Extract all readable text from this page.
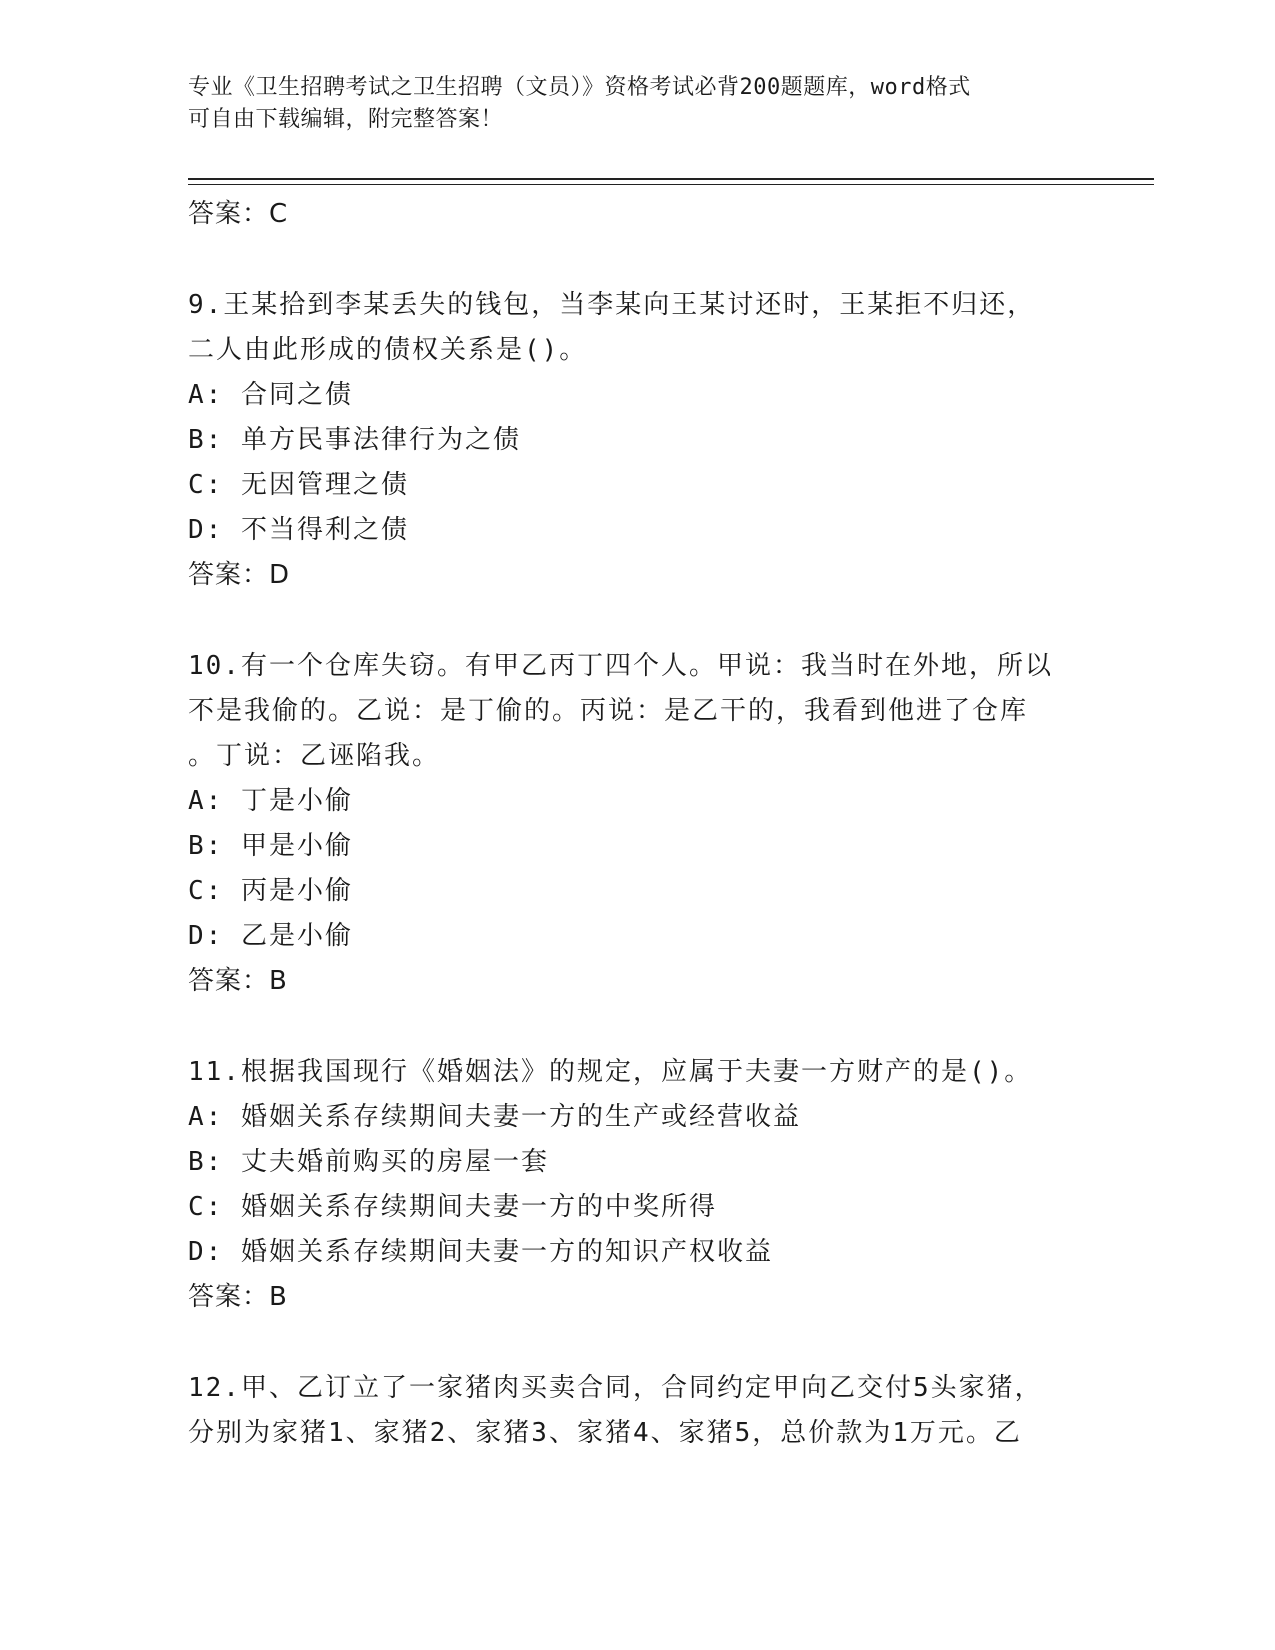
专业《卫生招聘考试之卫生招聘（文员）》资格考试必背200题题库，word格式
可自由下载编辑，附完整答案！
答案：C
9.王某拾到李某丢失的钱包，当李某向王某讨还时，王某拒不归还，
二人由此形成的债权关系是()。
A: 合同之债
B: 单方民事法律行为之债
C: 无因管理之债
D: 不当得利之债
答案：D
10.有一个仓库失窃。有甲乙丙丁四个人。甲说：我当时在外地，所以
不是我偷的。乙说：是丁偷的。丙说：是乙干的，我看到他进了仓库
。丁说：乙诬陷我。
A: 丁是小偷
B: 甲是小偷
C: 丙是小偷
D: 乙是小偷
答案：B
11.根据我国现行《婚姻法》的规定，应属于夫妻一方财产的是()。
A: 婚姻关系存续期间夫妻一方的生产或经营收益
B: 丈夫婚前购买的房屋一套
C: 婚姻关系存续期间夫妻一方的中奖所得
D: 婚姻关系存续期间夫妻一方的知识产权收益
答案：B
12.甲、乙订立了一家猪肉买卖合同，合同约定甲向乙交付5头家猪，
分别为家猪1、家猪2、家猪3、家猪4、家猪5，总价款为1万元。乙
